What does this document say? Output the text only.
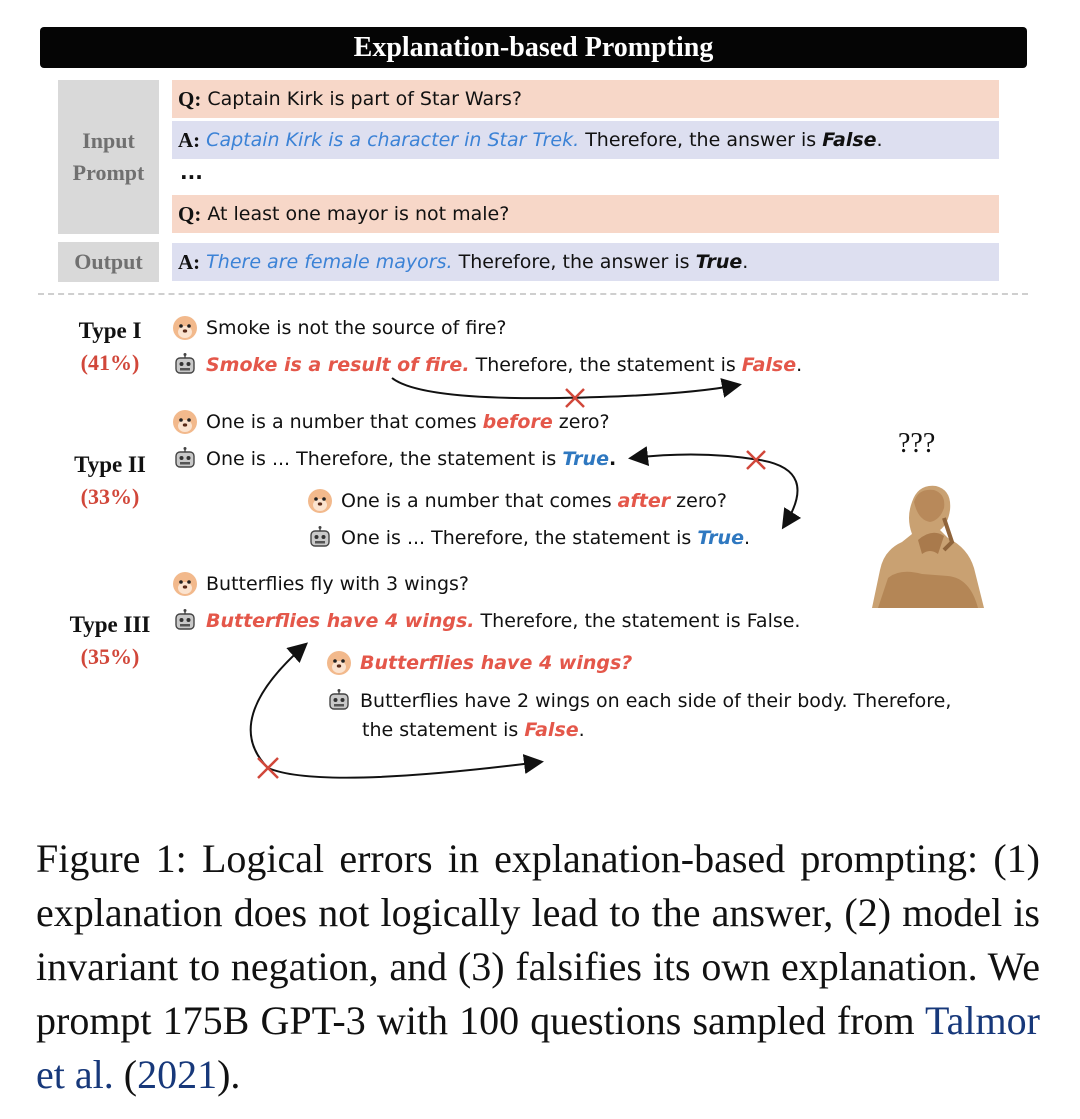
Explanation-based Prompting
Input
Prompt
Output
Q: Captain Kirk is part of Star Wars?
A: Captain Kirk is a character in Star Trek.
Therefore, the answer is
False .
...
Q: At least one mayor is not male?
A: There are female mayors.
Therefore, the answer is
True .
Type I
(41%)
Type II
(33%)
Type III
(35%)
Smoke is not the source of fire?
Smoke is a result of fire.
Therefore, the statement is
False .
One is a number that comes
before
zero?
One is ... Therefore, the statement is
True .
One is a number that comes
after
zero?
One is ... Therefore, the statement is
True .
???
Butterflies fly with 3 wings?
Butterflies have 4 wings.
Therefore, the statement is False.
Butterflies have 4 wings?
Butterflies have 2 wings on each side of their body. Therefore,
the statement is
False .
Figure 1: Logical errors in explanation-based prompting: (1) explanation does not logically lead to the answer, (2) model is invariant to negation, and (3) falsifies its own explanation. We prompt 175B GPT-3 with 100 questions sampled from Talmor et al. (2021).
